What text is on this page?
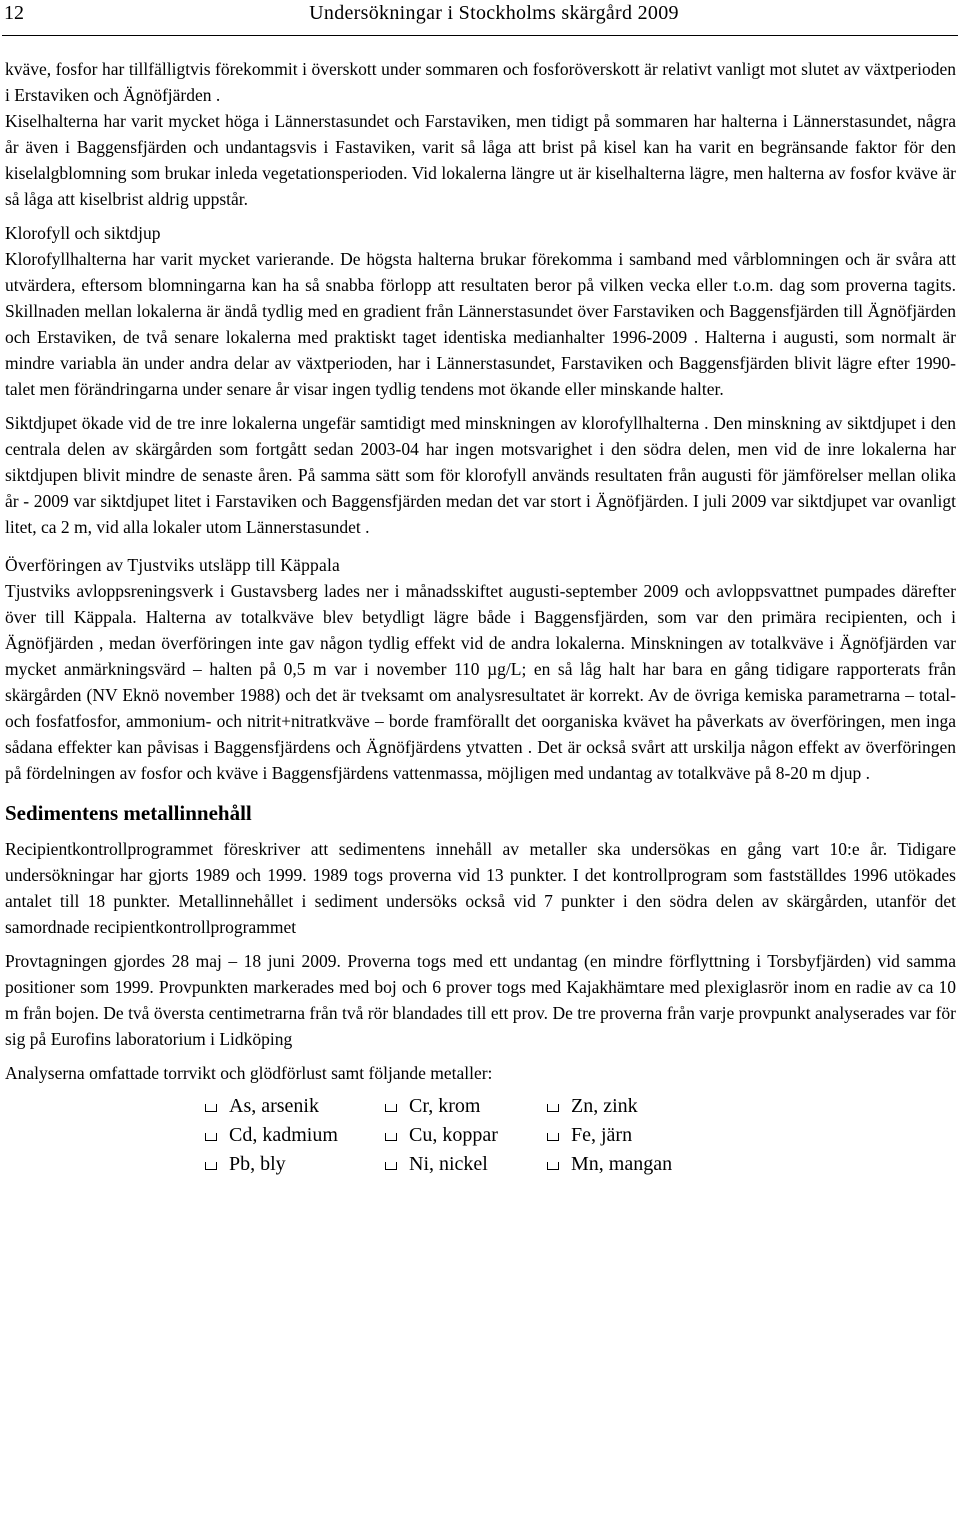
12	Undersökningar i Stockholms skärgård 2009

kväve, fosfor har tillfälligtvis förekommit i överskott under sommaren och fosforöverskott är relativt vanligt mot slutet av växtperioden i Erstaviken och Ägnöfjärden .

Kiselhalterna har varit mycket höga i Lännerstasundet och Farstaviken, men tidigt på sommaren har halterna i Lännerstasundet, några år även i Baggensfjärden och undantagsvis i Fastaviken, varit så låga att brist på kisel kan ha varit en begränsande faktor för den kiselalgblomning som brukar inleda vegetationsperioden. Vid lokalerna längre ut är kiselhalterna lägre, men halterna av fosfor kväve är så låga att kiselbrist aldrig uppstår.

Klorofyll och siktdjup

Klorofyllhalterna har varit mycket varierande. De högsta halterna brukar förekomma i samband med vårblomningen och är svåra att utvärdera, eftersom blomningarna kan ha så snabba förlopp att resultaten beror på vilken vecka eller t.o.m. dag som proverna tagits. Skillnaden mellan lokalerna är ändå tydlig med en gradient från Lännerstasundet över Farstaviken och Baggensfjärden till Ägnöfjärden och Erstaviken, de två senare lokalerna med praktiskt taget identiska medianhalter 1996-2009 . Halterna i augusti, som normalt är mindre variabla än under andra delar av växtperioden, har i Lännerstasundet, Farstaviken och Baggensfjärden blivit lägre efter 1990-talet men förändringarna under senare år visar ingen tydlig tendens mot ökande eller minskande halter.

Siktdjupet ökade vid de tre inre lokalerna ungefär samtidigt med minskningen av klorofyllhalterna . Den minskning av siktdjupet i den centrala delen av skärgården som fortgått sedan 2003-04 har ingen motsvarighet i den södra delen, men vid de inre lokalerna har siktdjupen blivit mindre de senaste åren. På samma sätt som för klorofyll används resultaten från augusti för jämförelser mellan olika år - 2009 var siktdjupet litet i Farstaviken och Baggensfjärden medan det var stort i Ägnöfjärden. I juli 2009 var siktdjupet var ovanligt litet, ca 2 m, vid alla lokaler utom Lännerstasundet .

Överföringen av Tjustviks utsläpp till Käppala

Tjustviks avloppsreningsverk i Gustavsberg lades ner i månadsskiftet augusti-september 2009 och avloppsvattnet pumpades därefter över till Käppala. Halterna av totalkväve blev betydligt lägre både i Baggensfjärden, som var den primära recipienten, och i Ägnöfjärden , medan överföringen inte gav någon tydlig effekt vid de andra lokalerna. Minskningen av totalkväve i Ägnöfjärden var mycket anmärkningsvärd – halten på 0,5 m var i november 110 µg/L; en så låg halt har bara en gång tidigare rapporterats från skärgården (NV Eknö november 1988) och det är tveksamt om analysresultatet är korrekt. Av de övriga kemiska parametrarna – total- och fosfatfosfor, ammonium- och nitrit+nitratkväve – borde framförallt det oorganiska kvävet ha påverkats av överföringen, men inga sådana effekter kan påvisas i Baggensfjärdens och Ägnöfjärdens ytvatten . Det är också svårt att urskilja någon effekt av överföringen på fördelningen av fosfor och kväve i Baggensfjärdens vattenmassa, möjligen med undantag av totalkväve på 8-20 m djup .

Sedimentens metallinnehåll

Recipientkontrollprogrammet föreskriver att sedimentens innehåll av metaller ska undersökas en gång vart 10:e år. Tidigare undersökningar har gjorts 1989 och 1999. 1989 togs proverna vid 13 punkter. I det kontrollprogram som fastställdes 1996 utökades antalet till 18 punkter. Metallinnehållet i sediment undersöks också vid 7 punkter i den södra delen av skärgården, utanför det samordnade recipientkontrollprogrammet

Provtagningen gjordes 28 maj – 18 juni 2009. Proverna togs med ett undantag (en mindre förflyttning i Torsbyfjärden) vid samma positioner som 1999. Provpunkten markerades med boj och 6 prover togs med Kajakhämtare med plexiglasrör inom en radie av ca 10 m från bojen. De två översta centimetrarna från två rör blandades till ett prov. De tre proverna från varje provpunkt analyserades var för sig på Eurofins laboratorium i Lidköping

Analyserna omfattade torrvikt och glödförlust samt följande metaller:

As, arsenik	Cr, krom	Zn, zink
Cd, kadmium	Cu, koppar	Fe, järn
Pb, bly	Ni, nickel	Mn, mangan
